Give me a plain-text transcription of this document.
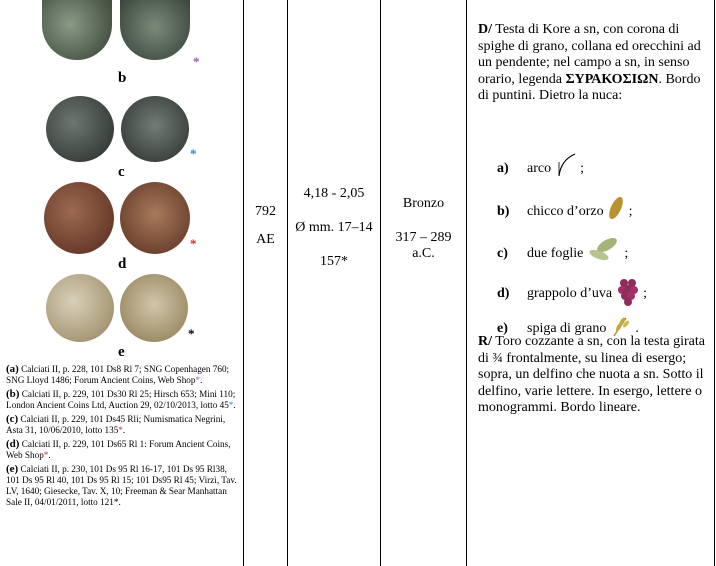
*
b
*
c
*
d
*
e

(a) Calciati II, p. 228, 101 Ds8 Rl 7; SNG Copenhagen 760; SNG Lloyd 1486; Forum Ancient Coins, Web Shop*.

(b) Calciati II, p. 229, 101 Ds30 Rl 25; Hirsch 653; Mini 110; London Ancient Coins Ltd, Auction 29, 02/10/2013, lotto 45*.

(c) Calciati II, p. 229, 101 Ds45 Rli; Numismatica Negrini, Asta 31, 10/06/2010, lotto 135*.

(d) Calciati II, p. 229, 101 Ds65 Rl 1: Forum Ancient Coins, Web Shop*.

(e) Calciati II, p. 230, 101 Ds 95 Rl 16-17, 101 Ds 95 Rl38, 101 Ds 95 Rl 40, 101 Ds 95 Rl 15; 101 Ds95 Rl 45; Virzì, Tav. LV, 1640; Giesecke, Tav. X, 10; Freeman & Sear Manhattan Sale II, 04/01/2011, lotto 121*.

792
AE
4,18 - 2,05
Ø mm. 17–14
157*
Bronzo
317 – 289
a.C.
D/ Testa di Kore a sn, con corona di spighe di grano, collana ed orecchini ad un pendente; nel campo a sn, in senso orario, legenda ΣΥΡΑΚΟΣΙΩΝ. Bordo di puntini. Dietro la nuca:
a) arco ;
b) chicco d’orzo ;
c) due foglie	;
d) grappolo d’uva ;
e) spiga di grano .
R/ Toro cozzante a sn, con la testa girata di ¾ frontalmente, su linea di esergo; sopra, un delfino che nuota a sn. Sotto il delfino, varie lettere. In esergo, lettere o monogrammi. Bordo lineare.
